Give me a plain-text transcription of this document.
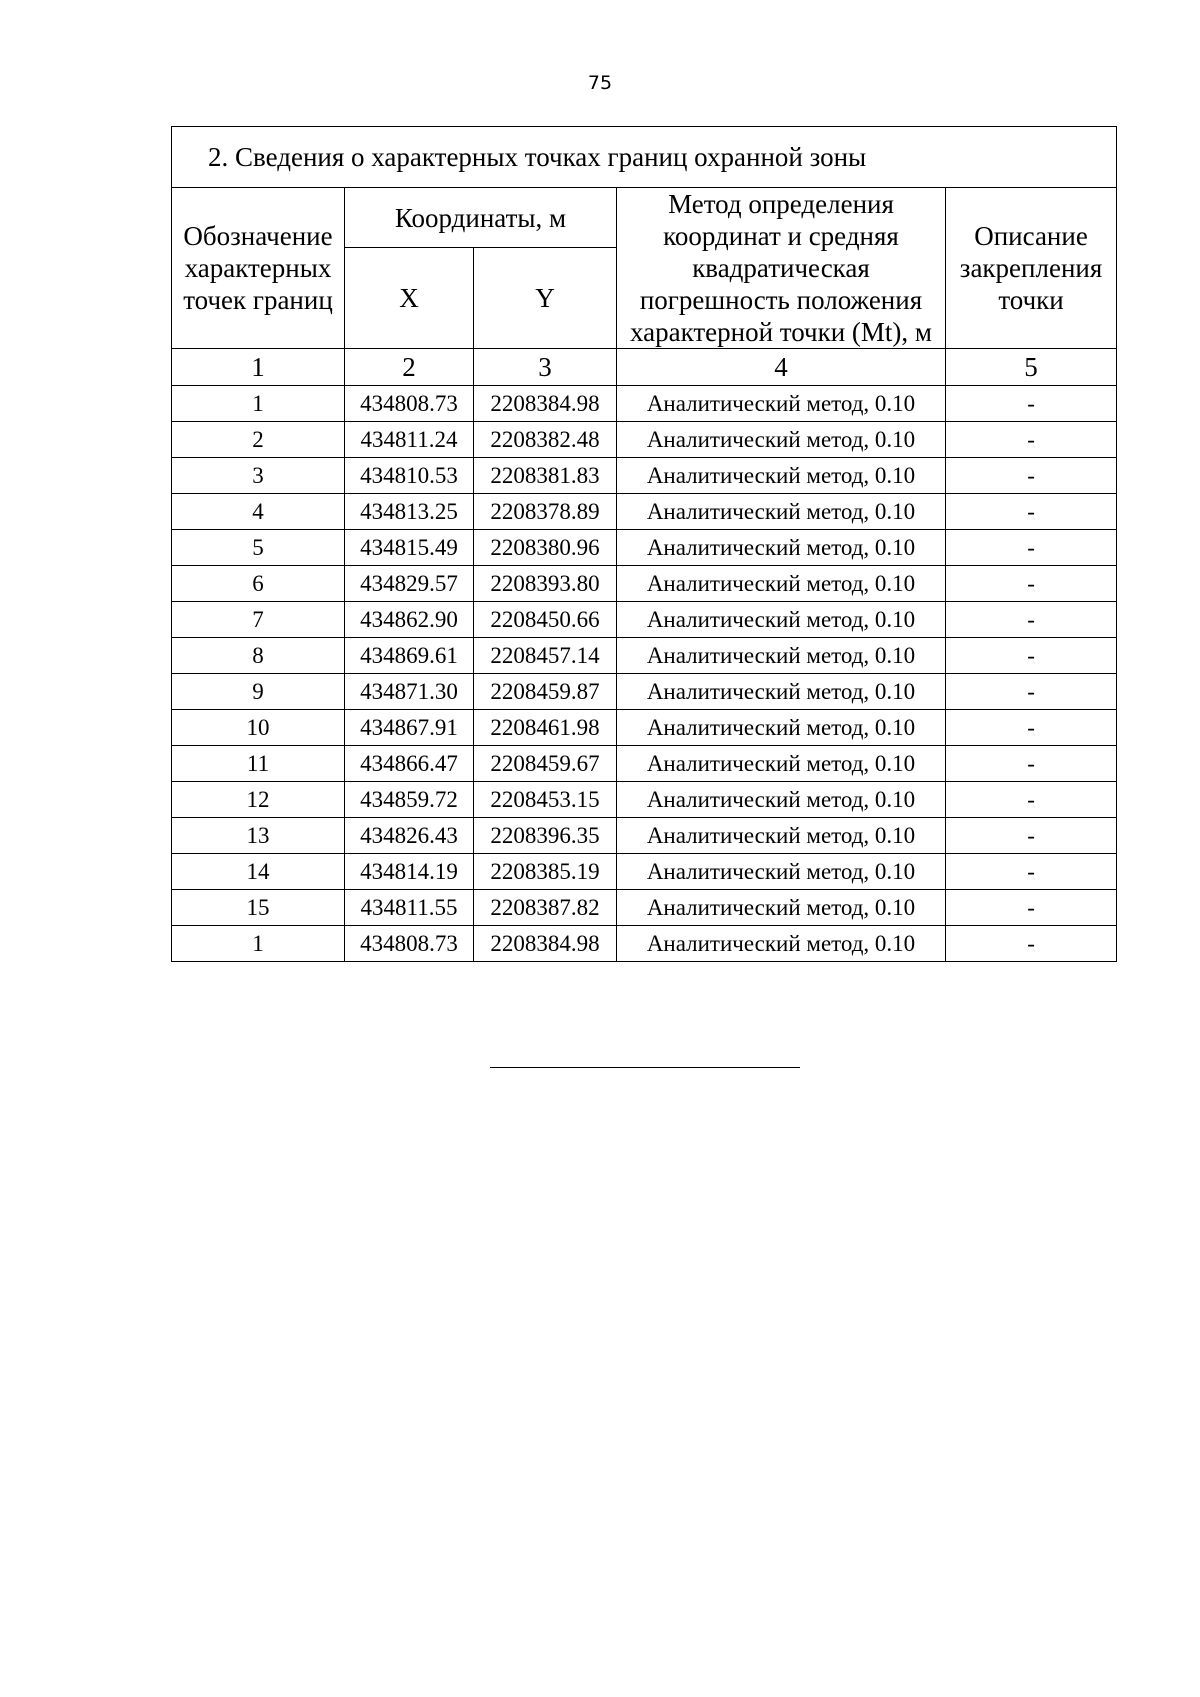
75
2. Сведения о характерных точках границ охранной зоны				
Обозначение характерных точек границ	Координаты, м		Метод определения координат и средняя квадратическая погрешность положения характерной точки (Mt), м	Описание закрепления точки
	X	Y		
1	2	3	4	5
1	434808.73	2208384.98	Аналитический метод, 0.10	-
2	434811.24	2208382.48	Аналитический метод, 0.10	-
3	434810.53	2208381.83	Аналитический метод, 0.10	-
4	434813.25	2208378.89	Аналитический метод, 0.10	-
5	434815.49	2208380.96	Аналитический метод, 0.10	-
6	434829.57	2208393.80	Аналитический метод, 0.10	-
7	434862.90	2208450.66	Аналитический метод, 0.10	-
8	434869.61	2208457.14	Аналитический метод, 0.10	-
9	434871.30	2208459.87	Аналитический метод, 0.10	-
10	434867.91	2208461.98	Аналитический метод, 0.10	-
11	434866.47	2208459.67	Аналитический метод, 0.10	-
12	434859.72	2208453.15	Аналитический метод, 0.10	-
13	434826.43	2208396.35	Аналитический метод, 0.10	-
14	434814.19	2208385.19	Аналитический метод, 0.10	-
15	434811.55	2208387.82	Аналитический метод, 0.10	-
1	434808.73	2208384.98	Аналитический метод, 0.10	-
